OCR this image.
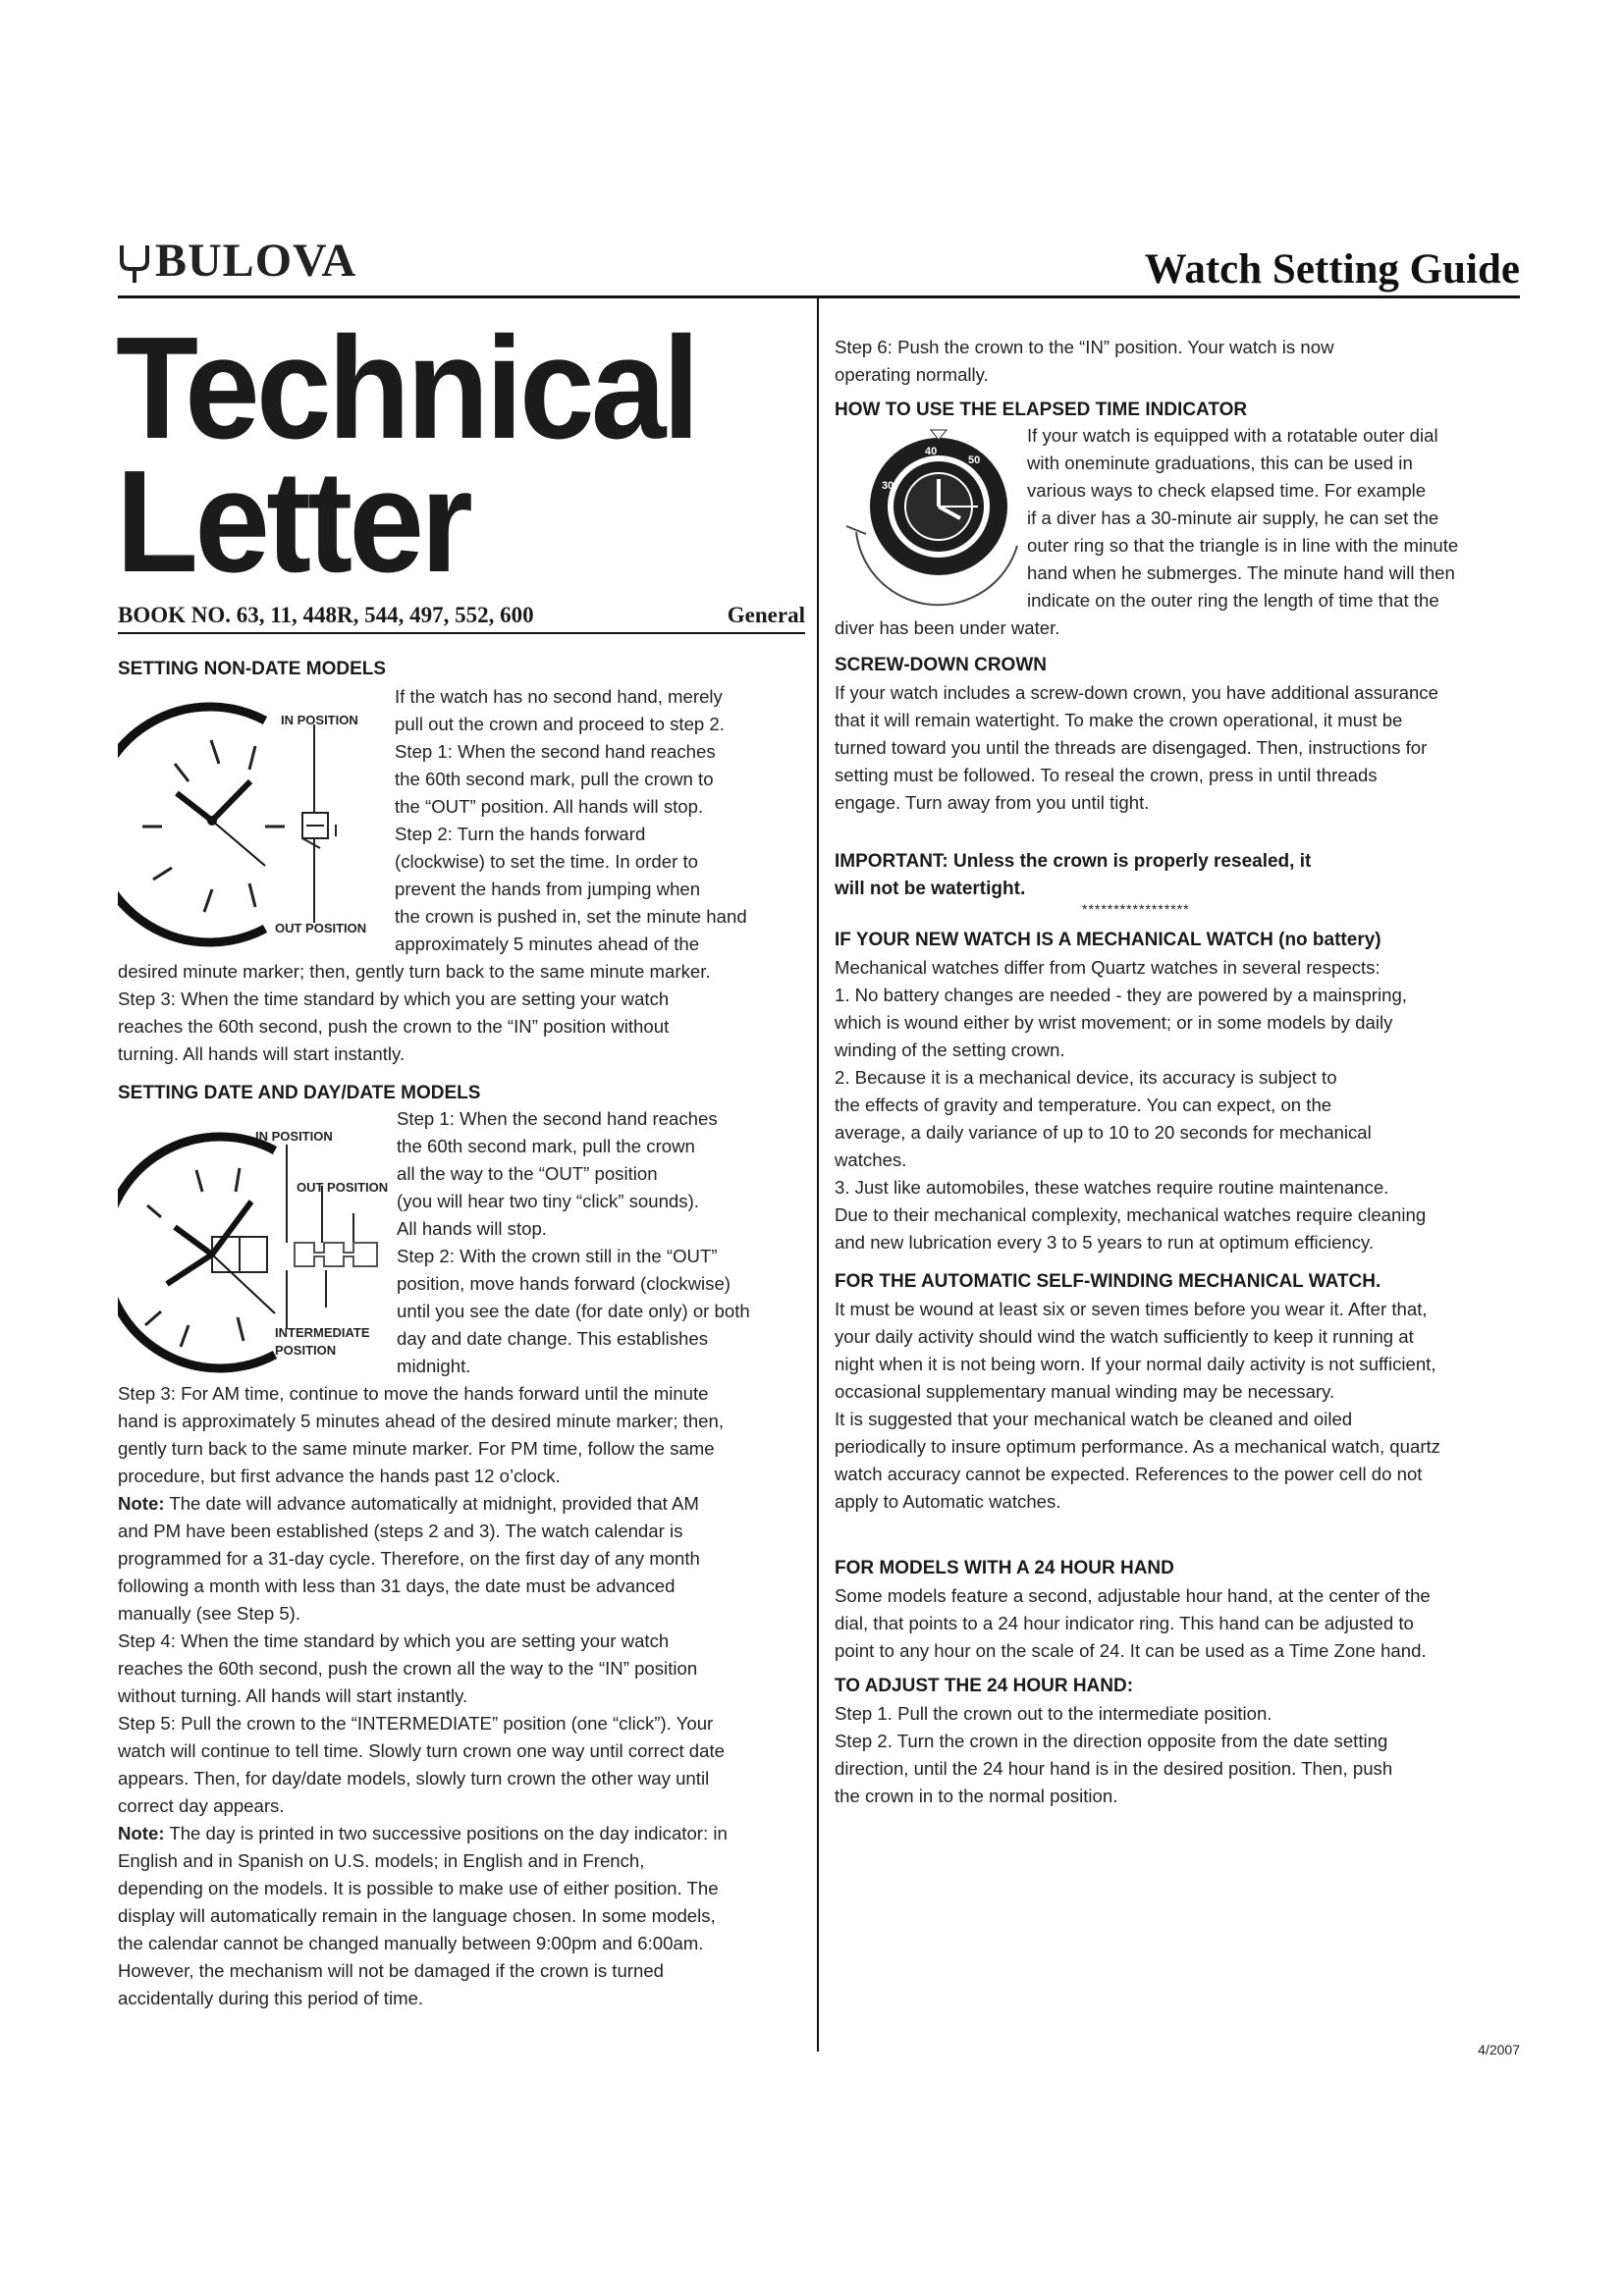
BULOVA	Watch Setting Guide
Technical
Letter
BOOK NO. 63, 11, 448R, 544, 497, 552, 600	General
SETTING NON-DATE MODELS
IN POSITION
OUT POSITION

If the watch has no second hand, merely

pull out the crown and proceed to step 2.

Step 1: When the second hand reaches

the 60th second mark, pull the crown to

the “OUT” position. All hands will stop.

Step 2: Turn the hands forward

(clockwise) to set the time. In order to

prevent the hands from jumping when

the crown is pushed in, set the minute hand

approximately 5 minutes ahead of the

desired minute marker; then, gently turn back to the same minute marker.

Step 3: When the time standard by which you are setting your watch

reaches the 60th second, push the crown to the “IN” position without

turning. All hands will start instantly.

SETTING DATE AND DAY/DATE MODELS
IN POSITION
OUT POSITION
INTERMEDIATE
POSITION

Step 1: When the second hand reaches

the 60th second mark, pull the crown

all the way to the “OUT” position

(you will hear two tiny “click” sounds).

All hands will stop.

Step 2: With the crown still in the “OUT”

position, move hands forward (clockwise)

until you see the date (for date only) or both

day and date change. This establishes

midnight.

Step 3: For AM time, continue to move the hands forward until the minute

hand is approximately 5 minutes ahead of the desired minute marker; then,

gently turn back to the same minute marker. For PM time, follow the same

procedure, but first advance the hands past 12 o’clock.

Note: The date will advance automatically at midnight, provided that AM

and PM have been established (steps 2 and 3). The watch calendar is

programmed for a 31-day cycle. Therefore, on the first day of any month

following a month with less than 31 days, the date must be advanced

manually (see Step 5).

Step 4: When the time standard by which you are setting your watch

reaches the 60th second, push the crown all the way to the “IN” position

without turning. All hands will start instantly.

Step 5: Pull the crown to the “INTERMEDIATE” position (one “click”). Your

watch will continue to tell time. Slowly turn crown one way until correct date

appears. Then, for day/date models, slowly turn crown the other way until

correct day appears.

Note: The day is printed in two successive positions on the day indicator: in

English and in Spanish on U.S. models; in English and in French,

depending on the models. It is possible to make use of either position. The

display will automatically remain in the language chosen. In some models,

the calendar cannot be changed manually between 9:00pm and 6:00am.

However, the mechanism will not be damaged if the crown is turned

accidentally during this period of time.

Step 6: Push the crown to the “IN” position. Your watch is now

operating normally.

HOW TO USE THE ELAPSED TIME INDICATOR
40
50
30

If your watch is equipped with a rotatable outer dial

with oneminute graduations, this can be used in

various ways to check elapsed time. For example

if a diver has a 30-minute air supply, he can set the

outer ring so that the triangle is in line with the minute

hand when he submerges. The minute hand will then

indicate on the outer ring the length of time that the

diver has been under water.
SCREW-DOWN CROWN

If your watch includes a screw-down crown, you have additional assurance

that it will remain watertight. To make the crown operational, it must be

turned toward you until the threads are disengaged. Then, instructions for

setting must be followed. To reseal the crown, press in until threads

engage. Turn away from you until tight.

IMPORTANT: Unless the crown is properly resealed, it

will not be watertight.

*****************
IF YOUR NEW WATCH IS A MECHANICAL WATCH (no battery)

Mechanical watches differ from Quartz watches in several respects:

1. No battery changes are needed - they are powered by a mainspring,

which is wound either by wrist movement; or in some models by daily

winding of the setting crown.

2. Because it is a mechanical device, its accuracy is subject to

the effects of gravity and temperature. You can expect, on the

average, a daily variance of up to 10 to 20 seconds for mechanical

watches.

3. Just like automobiles, these watches require routine maintenance.

Due to their mechanical complexity, mechanical watches require cleaning

and new lubrication every 3 to 5 years to run at optimum efficiency.

FOR THE AUTOMATIC SELF-WINDING MECHANICAL WATCH.

It must be wound at least six or seven times before you wear it. After that,

your daily activity should wind the watch sufficiently to keep it running at

night when it is not being worn. If your normal daily activity is not sufficient,

occasional supplementary manual winding may be necessary.

It is suggested that your mechanical watch be cleaned and oiled

periodically to insure optimum performance. As a mechanical watch, quartz

watch accuracy cannot be expected. References to the power cell do not

apply to Automatic watches.

FOR MODELS WITH A 24 HOUR HAND

Some models feature a second, adjustable hour hand, at the center of the

dial, that points to a 24 hour indicator ring. This hand can be adjusted to

point to any hour on the scale of 24. It can be used as a Time Zone hand.

TO ADJUST THE 24 HOUR HAND:

Step 1. Pull the crown out to the intermediate position.

Step 2. Turn the crown in the direction opposite from the date setting

direction, until the 24 hour hand is in the desired position. Then, push

the crown in to the normal position.

4/2007
